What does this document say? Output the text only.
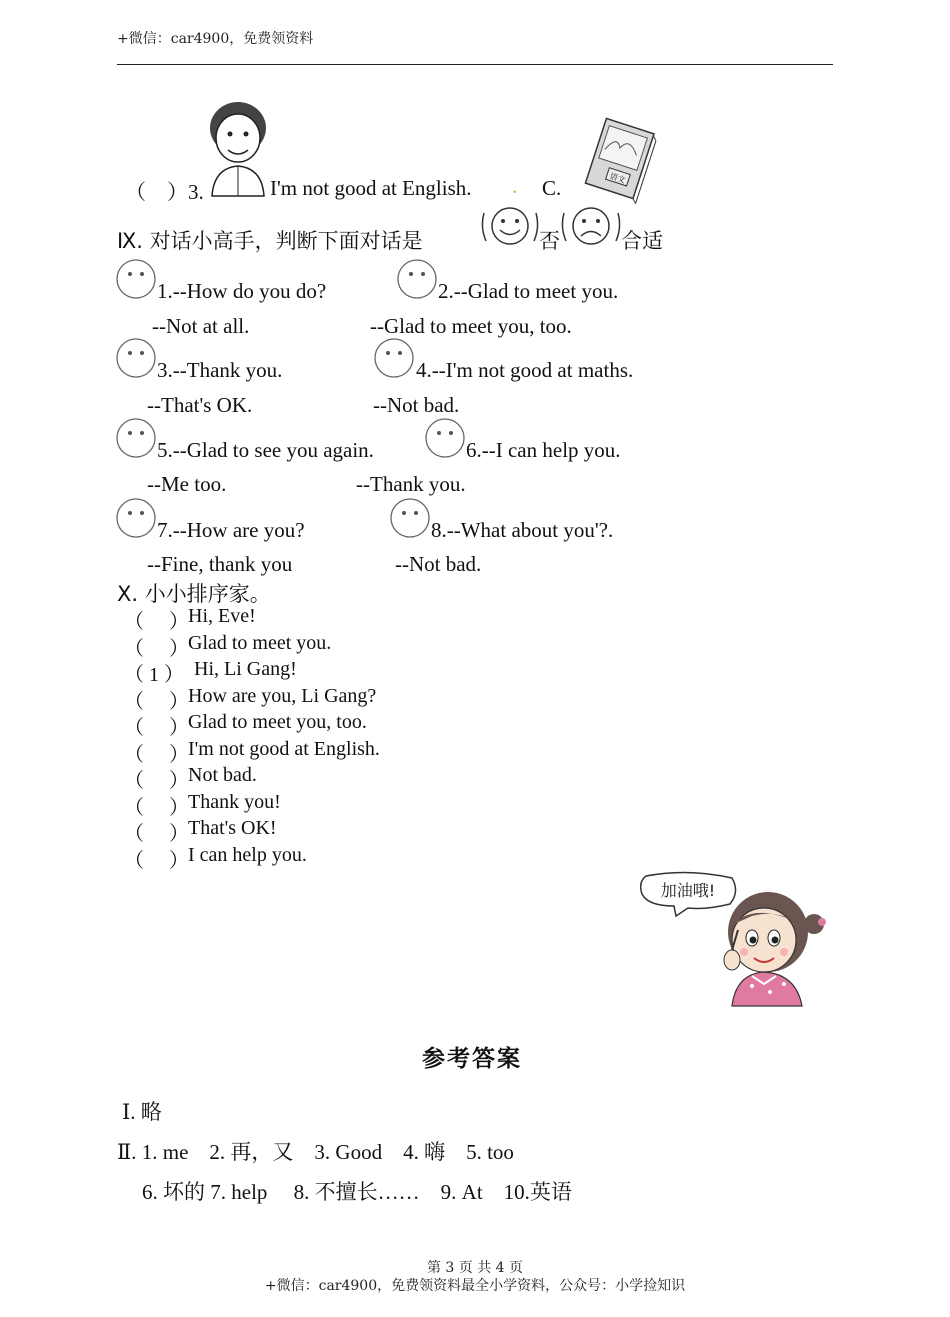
+微信：car4900，免费领资料
（　）3.	I'm not good at English. . C.	语文
Ⅸ. 对话小高手，判断下面对话是	否	合适
1.--How do you do?
--Not at all.
2.--Glad to meet you.
--Glad to meet you, too.
3.--Thank you.
--That's OK.
4.--I'm not good at maths.
--Not bad.
5.--Glad to see you again.
--Me too.
6.--I can help you.
--Thank you.
7.--How are you?
--Fine, thank you
8.--What about you'?.
--Not bad.
X. 小小排序家。
（　 ） Hi, Eve!
（　 ） Glad to meet you.
（ 1 ） Hi, Li Gang!
（　 ） How are you, Li Gang?
（　 ） Glad to meet you, too.
（　 ） I'm not good at English.
（　 ） Not bad.
（　 ） Thank you!
（　 ） That's OK!
（　 ） I can help you.
加油哦!
参考答案
Ⅰ. 略
Ⅱ. 1. me　2. 再，又　3. Good　4. 嗨　5. too
6. 坏的 7. help　 8. 不擅长……　9. At　10.英语
第 3 页 共 4 页
+微信：car4900，免费领资料最全小学资料，公众号：小学捡知识
